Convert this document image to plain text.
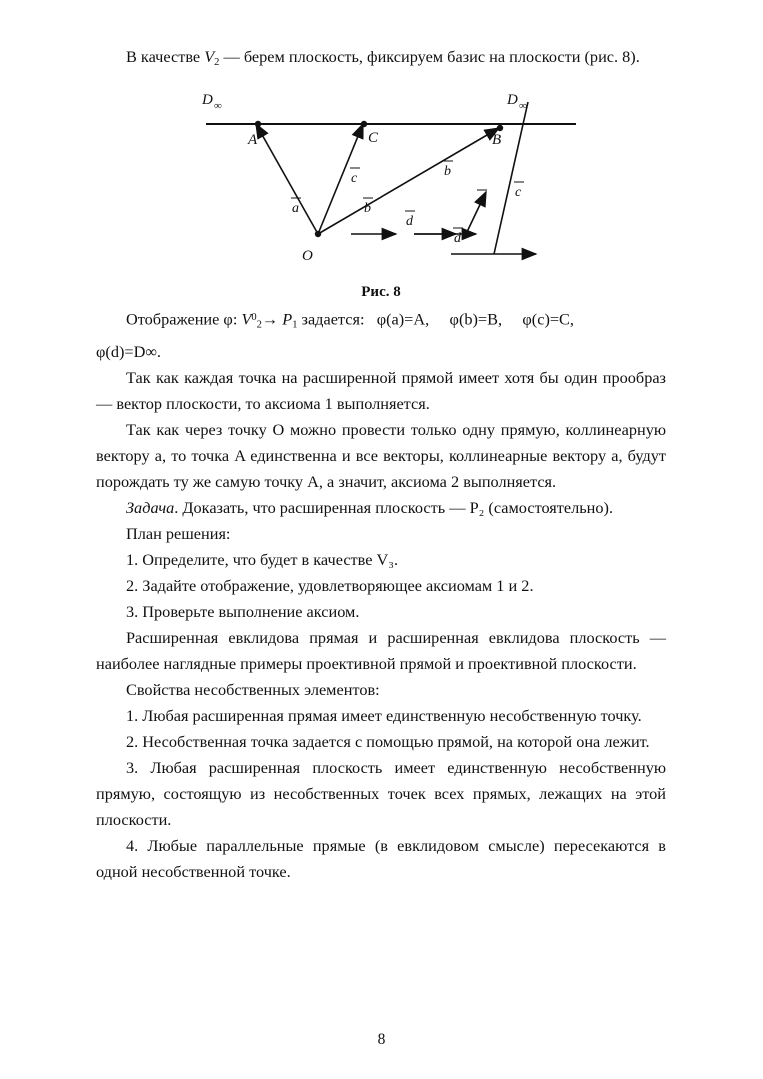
В качестве $V_2$ — берем плоскость, фиксируем базис на плоскости (рис. 8).

D ∞	D ∞
A	C	B
O
a
c
b
d
b
a
c
d
Рис. 8

Отображение φ: $V^0_2\to P_1$ задается: φ(a)=A, φ(b)=B, φ(c)=C,

φ(d)=D∞.

Так как каждая точка на расширенной прямой имеет хотя бы один прообраз — вектор плоскости, то аксиома 1 выполняется.

Так как через точку O можно провести только одну прямую, коллинеарную вектору a, то точка A единственна и все векторы, коллинеарные вектору a, будут порождать ту же самую точку A, а значит, аксиома 2 выполняется.

Задача. Доказать, что расширенная плоскость — P₂ (самостоятельно).

План решения:

1. Определите, что будет в качестве V₃.

2. Задайте отображение, удовлетворяющее аксиомам 1 и 2.

3. Проверьте выполнение аксиом.

Расширенная евклидова прямая и расширенная евклидова плоскость — наиболее наглядные примеры проективной прямой и проективной плоскости.

Свойства несобственных элементов:

1. Любая расширенная прямая имеет единственную несобственную точку.

2. Несобственная точка задается с помощью прямой, на которой она лежит.

3. Любая расширенная плоскость имеет единственную несобственную прямую, состоящую из несобственных точек всех прямых, лежащих на этой плоскости.

4. Любые параллельные прямые (в евклидовом смысле) пересекаются в одной несобственной точке.

8
